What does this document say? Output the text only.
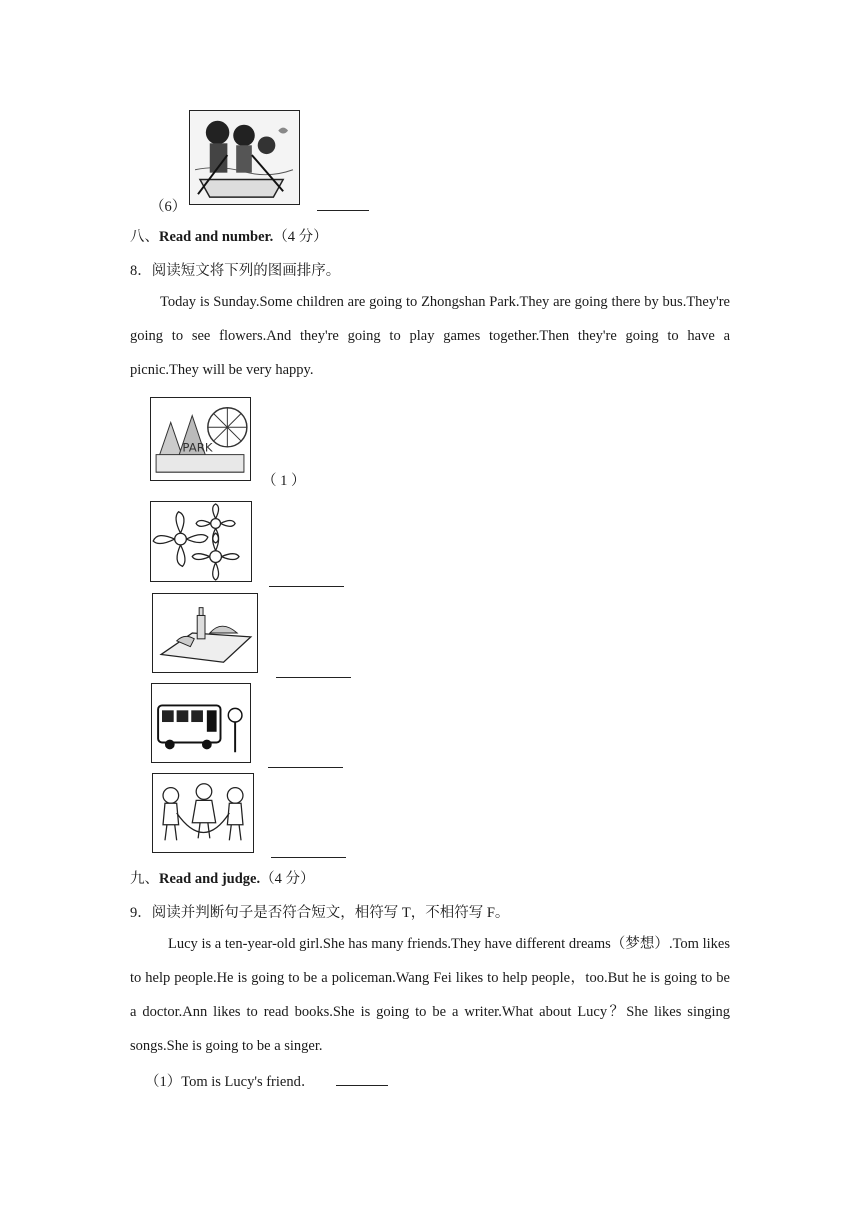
（6）
八、Read and number.（4 分）
8．阅读短文将下列的图画排序。
Today is Sunday.Some children are going to Zhongshan Park.They are going there by bus.They're going to see flowers.And they're going to play games together.Then they're going to have a picnic.They will be very happy.
PARK
（ 1 ）
九、Read and judge.（4 分）
9．阅读并判断句子是否符合短文，相符写 T，不相符写 F。
Lucy is a ten-year-old girl.She has many friends.They have different dreams（梦想）.Tom likes to help people.He is going to be a policeman.Wang Fei likes to help people，too.But he is going to be a doctor.Ann likes to read books.She is going to be a writer.What about Lucy？She likes singing songs.She is going to be a singer.
（1）Tom is Lucy's friend．
